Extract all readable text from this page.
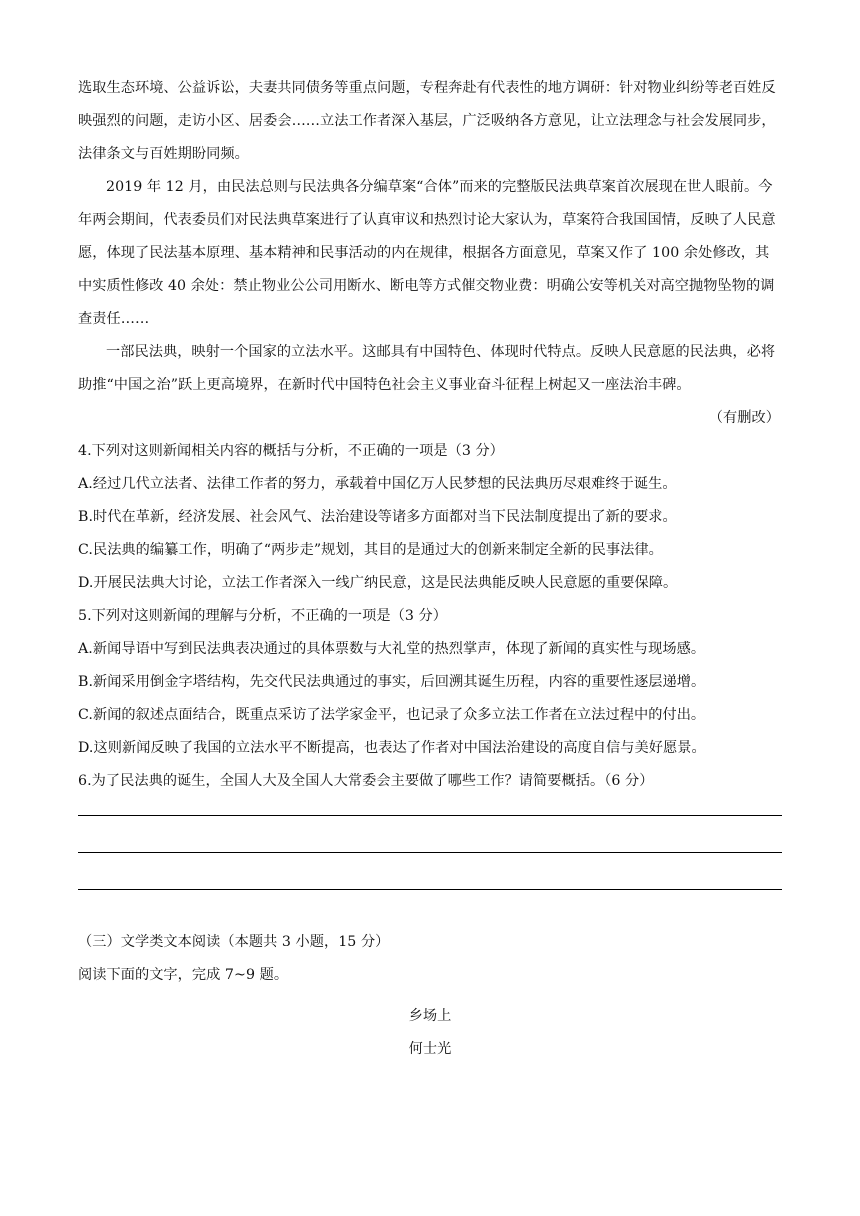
选取生态环境、公益诉讼，夫妻共同债务等重点问题，专程奔赴有代表性的地方调研：针对物业纠纷等老百姓反映强烈的问题，走访小区、居委会……立法工作者深入基层，广泛吸纳各方意见，让立法理念与社会发展同步，法律条文与百姓期盼同频。

2019 年 12 月，由民法总则与民法典各分编草案“合体”而来的完整版民法典草案首次展现在世人眼前。今年两会期间，代表委员们对民法典草案进行了认真审议和热烈讨论大家认为，草案符合我国国情，反映了人民意愿，体现了民法基本原理、基本精神和民事活动的内在规律，根据各方面意见，草案又作了 100 余处修改，其中实质性修改 40 余处：禁止物业公公司用断水、断电等方式催交物业费：明确公安等机关对高空抛物坠物的调查责任……

一部民法典，映射一个国家的立法水平。这邮具有中国特色、体现时代特点。反映人民意愿的民法典，必将助推“中国之治”跃上更高境界，在新时代中国特色社会主义事业奋斗征程上树起又一座法治丰碑。

（有删改）

4.下列对这则新闻相关内容的概括与分析，不正确的一项是（3 分）

A.经过几代立法者、法律工作者的努力，承载着中国亿万人民梦想的民法典历尽艰难终于诞生。

B.时代在革新，经济发展、社会风气、法治建设等诸多方面都对当下民法制度提出了新的要求。

C.民法典的编纂工作，明确了“两步走”规划，其目的是通过大的创新来制定全新的民事法律。

D.开展民法典大讨论，立法工作者深入一线广纳民意，这是民法典能反映人民意愿的重要保障。

5.下列对这则新闻的理解与分析，不正确的一项是（3 分）

A.新闻导语中写到民法典表决通过的具体票数与大礼堂的热烈掌声，体现了新闻的真实性与现场感。

B.新闻采用倒金字塔结构，先交代民法典通过的事实，后回溯其诞生历程，内容的重要性逐层递增。

C.新闻的叙述点面结合，既重点采访了法学家金平，也记录了众多立法工作者在立法过程中的付出。

D.这则新闻反映了我国的立法水平不断提高，也表达了作者对中国法治建设的高度自信与美好愿景。

6.为了民法典的诞生，全国人大及全国人大常委会主要做了哪些工作？请简要概括。（6 分）

（三）文学类文本阅读（本题共 3 小题，15 分）

阅读下面的文字，完成 7~9 题。

乡场上

何士光
